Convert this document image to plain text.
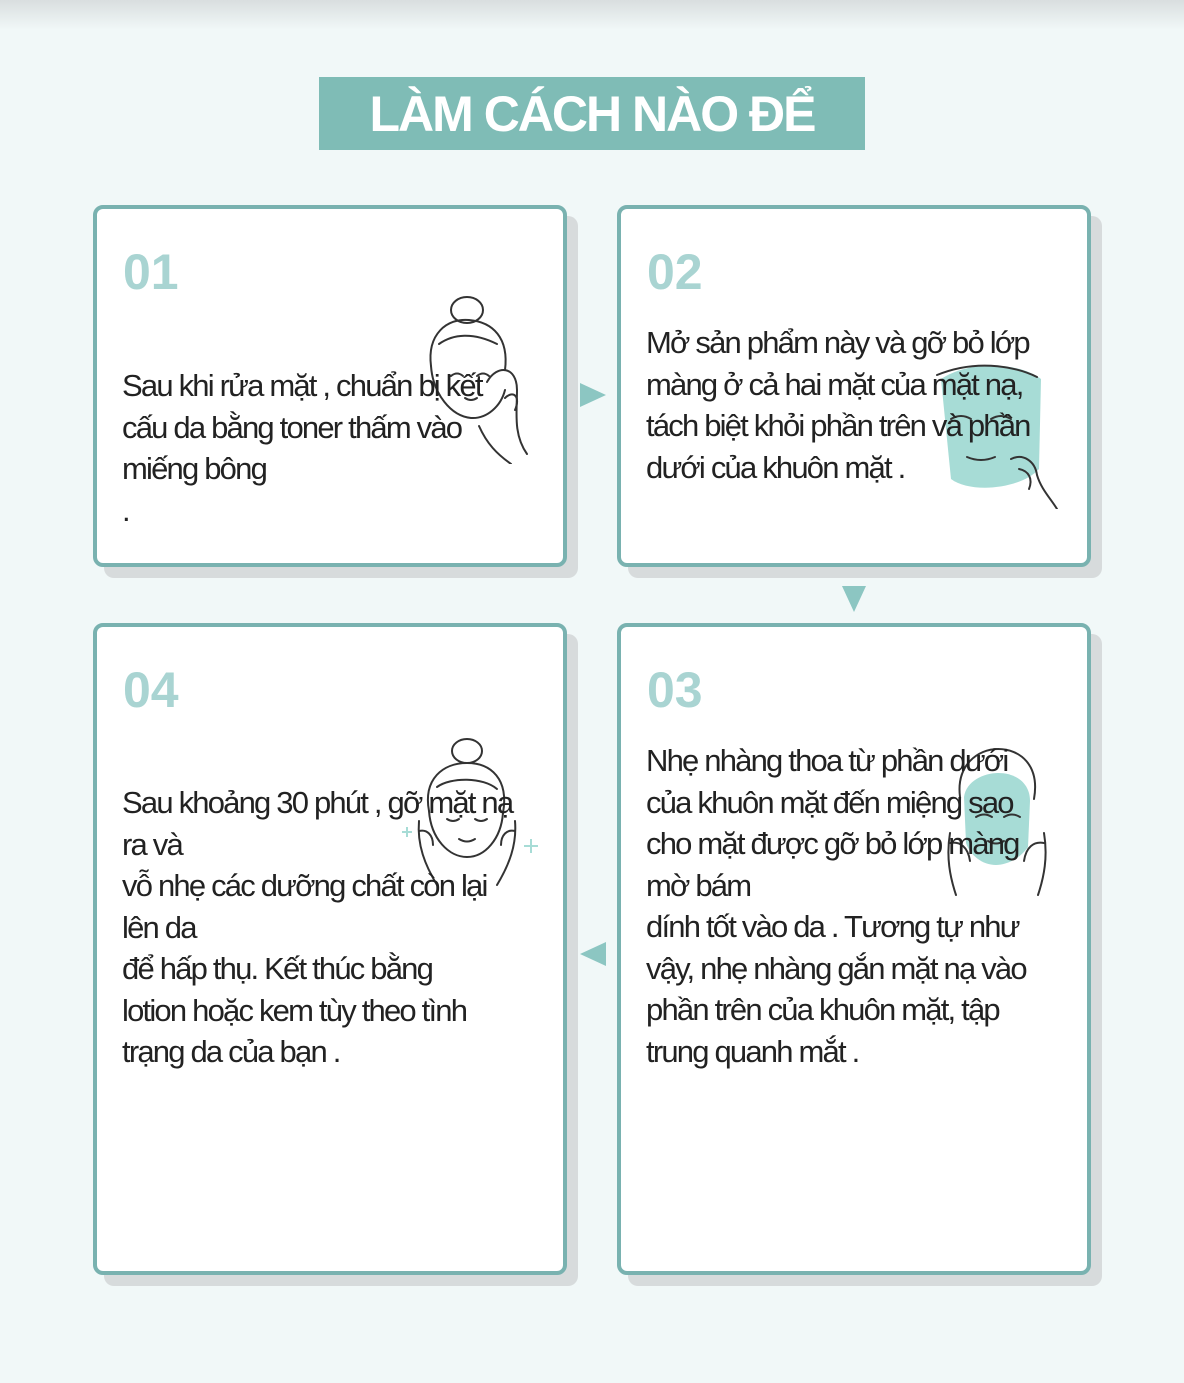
LÀM CÁCH NÀO ĐỂ
01

Sau khi rửa mặt , chuẩn bị kết

cấu da bằng toner thấm vào

miếng bông

.

02

Mở sản phẩm này và gỡ bỏ lớp

màng ở cả hai mặt của mặt nạ,

tách biệt khỏi phần trên và phần

dưới của khuôn mặt .

04

Sau khoảng 30 phút , gỡ mặt nạ

ra và

vỗ nhẹ các dưỡng chất còn lại

lên da

để hấp thụ. Kết thúc bằng

lotion hoặc kem tùy theo tình

trạng da của bạn .

03

Nhẹ nhàng thoa từ phần dưới

của khuôn mặt đến miệng sao

cho mặt được gỡ bỏ lớp màng

mờ bám

dính tốt vào da . Tương tự như

vậy, nhẹ nhàng gắn mặt nạ vào

phần trên của khuôn mặt, tập

trung quanh mắt .
